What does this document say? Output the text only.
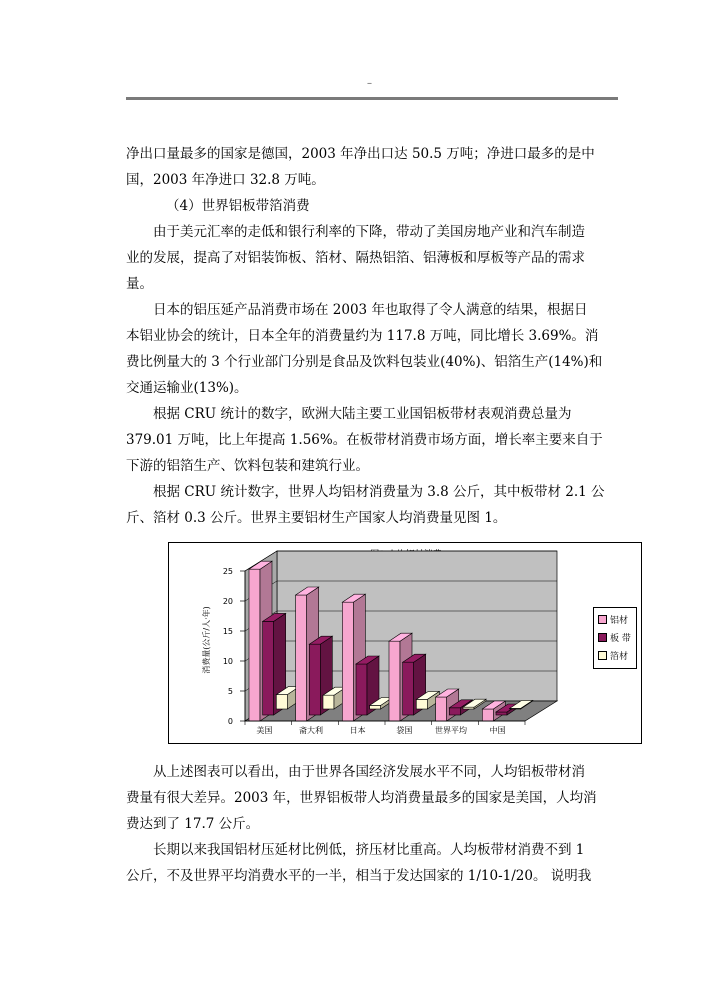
–
净出口量最多的国家是德国，2003 年净出口达 50.5 万吨；净进口最多的是中
国，2003 年净进口 32.8 万吨。
（4）世界铝板带箔消费
由于美元汇率的走低和银行利率的下降，带动了美国房地产业和汽车制造
业的发展，提高了对铝装饰板、箔材、隔热铝箔、铝薄板和厚板等产品的需求
量。
日本的铝压延产品消费市场在 2003 年也取得了令人满意的结果，根据日
本铝业协会的统计，日本全年的消费量约为 117.8 万吨，同比增长 3.69%。消
费比例量大的 3 个行业部门分别是食品及饮料包装业(40%)、铝箔生产(14%)和
交通运输业(13%)。
根据 CRU 统计的数字，欧洲大陆主要工业国铝板带材表观消费总量为
379.01 万吨，比上年提高 1.56%。在板带材消费市场方面，增长率主要来自于
下游的铝箔生产、饮料包装和建筑行业。
根据 CRU 统计数字，世界人均铝材消费量为 3.8 公斤，其中板带材 2.1 公
斤、箔材 0.3 公斤。世界主要铝材生产国家人均消费量见图 1。
0
5
10
15
20
25
消费量(公斤/人·年)
美国	斋大利	日本	袋国	世界平均	中国
铝材
板 带
箔材
从上述图表可以看出，由于世界各国经济发展水平不同，人均铝板带材消
费量有很大差异。2003 年，世界铝板带人均消费量最多的国家是美国，人均消
费达到了 17.7 公斤。
长期以来我国铝材压延材比例低，挤压材比重高。人均板带材消费不到 1
公斤，不及世界平均消费水平的一半，相当于发达国家的 1/10-1/20。 说明我
